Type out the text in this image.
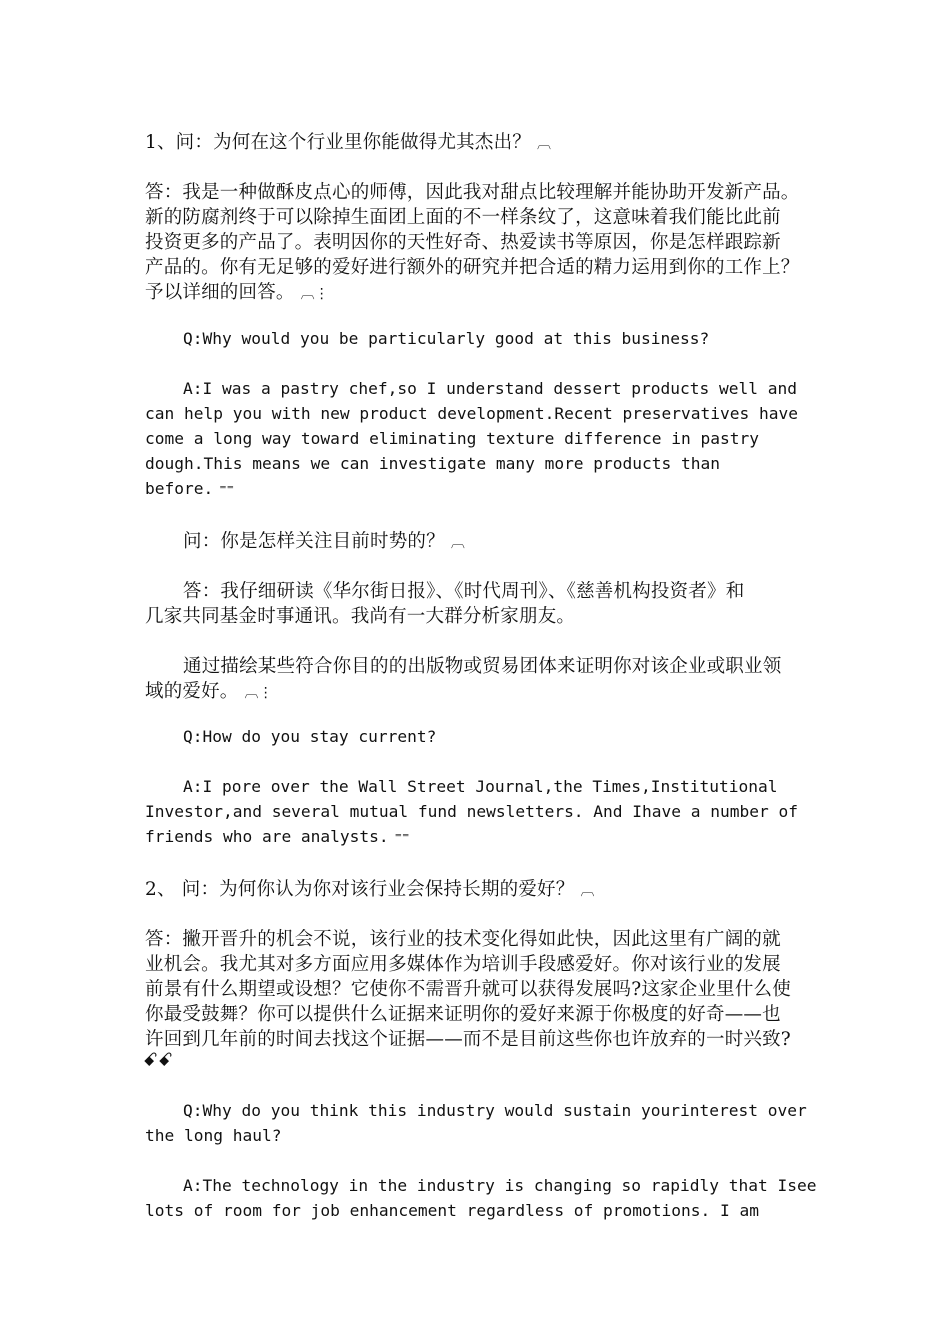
1、问：为何在这个行业里你能做得尤其杰出？ ︹
答：我是一种做酥皮点心的师傅，因此我对甜点比较理解并能协助开发新产品。
新的防腐剂终于可以除掉生面团上面的不一样条纹了，这意味着我们能比此前
投资更多的产品了。表明因你的天性好奇、热爱读书等原因，你是怎样跟踪新
产品的。你有无足够的爱好进行额外的研究并把合适的精力运用到你的工作上？
予以详细的回答。 ︹⋮
Q:Why would you be particularly good at this business?
A:I was a pastry chef,so I understand dessert products well and
can help you with new product development.Recent preservatives have
come a long way toward eliminating texture difference in pastry
dough.This means we can investigate many more products than
before. ⁼⁼
问：你是怎样关注目前时势的？ ︹
答：我仔细研读《华尔街日报》、《时代周刊》、《慈善机构投资者》和
几家共同基金时事通讯。我尚有一大群分析家朋友。
通过描绘某些符合你目的的出版物或贸易团体来证明你对该企业或职业领
域的爱好。 ︹⋮
Q:How do you stay current?
A:I pore over the Wall Street Journal,the Times,Institutional
Investor,and several mutual fund newsletters. And Ihave a number of
friends who are analysts. ⁼⁼
2、 问：为何你认为你对该行业会保持长期的爱好？ ︹
答：撇开晋升的机会不说，该行业的技术变化得如此快，因此这里有广阔的就
业机会。我尤其对多方面应用多媒体作为培训手段感爱好。你对该行业的发展
前景有什么期望或设想？它使你不需晋升就可以获得发展吗?这家企业里什么使
你最受鼓舞？你可以提供什么证据来证明你的爱好来源于你极度的好奇——也
许回到几年前的时间去找这个证据——而不是目前这些你也许放弃的一时兴致?
ꗃꗃ
Q:Why do you think this industry would sustain yourinterest over
the long haul?
A:The technology in the industry is changing so rapidly that Isee
lots of room for job enhancement regardless of promotions. I am
